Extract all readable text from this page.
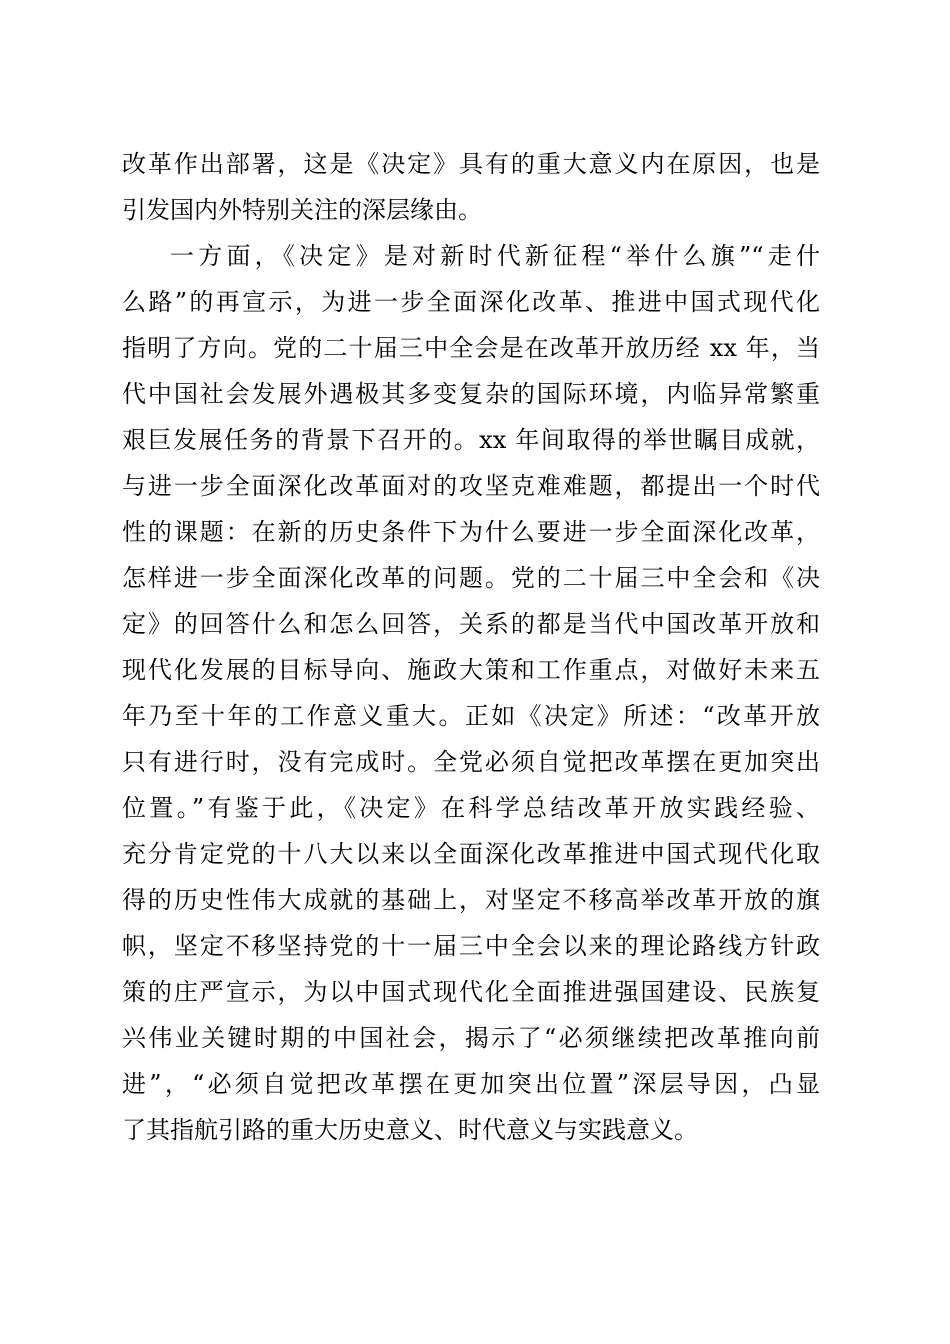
改革作出部署，这是《决定》具有的重大意义内在原因，也是

引发国内外特别关注的深层缘由。

一方面，《决定》是对新时代新征程“举什么旗”“走什

么路”的再宣示，为进一步全面深化改革、推进中国式现代化

指明了方向。党的二十届三中全会是在改革开放历经 xx 年，当

代中国社会发展外遇极其多变复杂的国际环境，内临异常繁重

艰巨发展任务的背景下召开的。xx 年间取得的举世瞩目成就，

与进一步全面深化改革面对的攻坚克难难题，都提出一个时代

性的课题：在新的历史条件下为什么要进一步全面深化改革，

怎样进一步全面深化改革的问题。党的二十届三中全会和《决

定》的回答什么和怎么回答，关系的都是当代中国改革开放和

现代化发展的目标导向、施政大策和工作重点，对做好未来五

年乃至十年的工作意义重大。正如《决定》所述：“改革开放

只有进行时，没有完成时。全党必须自觉把改革摆在更加突出

位置。”有鉴于此，《决定》在科学总结改革开放实践经验、

充分肯定党的十八大以来以全面深化改革推进中国式现代化取

得的历史性伟大成就的基础上，对坚定不移高举改革开放的旗

帜，坚定不移坚持党的十一届三中全会以来的理论路线方针政

策的庄严宣示，为以中国式现代化全面推进强国建设、民族复

兴伟业关键时期的中国社会，揭示了“必须继续把改革推向前

进”，“必须自觉把改革摆在更加突出位置”深层导因，凸显

了其指航引路的重大历史意义、时代意义与实践意义。
